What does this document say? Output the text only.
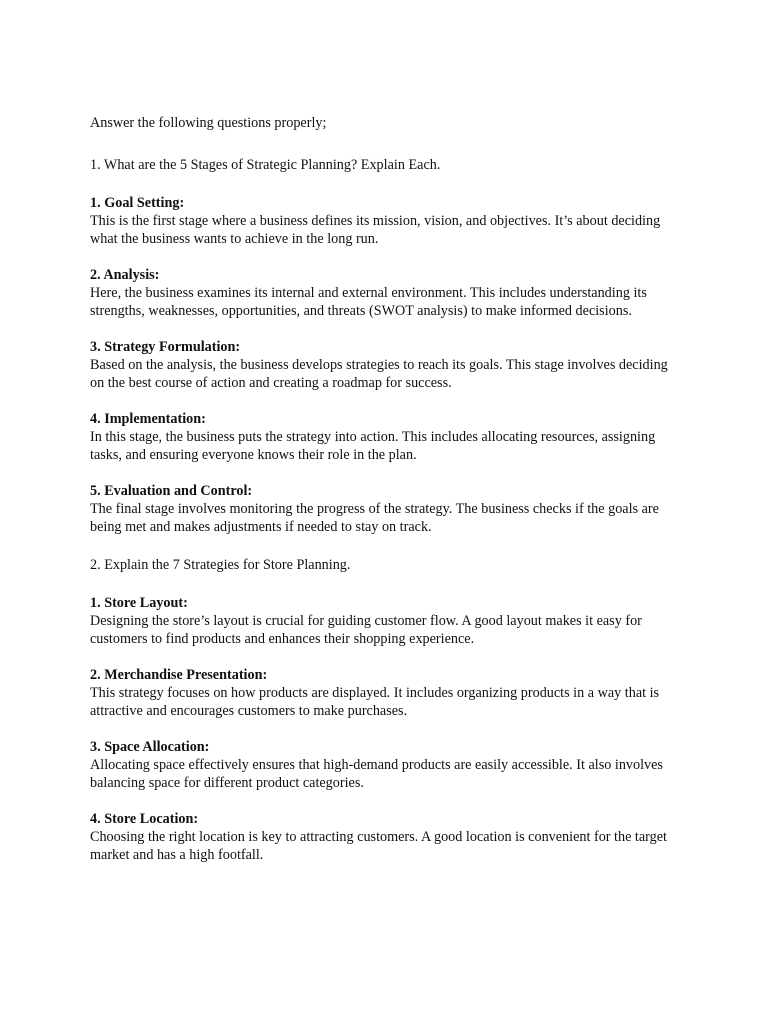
Answer the following questions properly;

1. What are the 5 Stages of Strategic Planning? Explain Each.

1. Goal Setting:
This is the first stage where a business defines its mission, vision, and objectives. It’s about deciding what the business wants to achieve in the long run.
2. Analysis:
Here, the business examines its internal and external environment. This includes understanding its strengths, weaknesses, opportunities, and threats (SWOT analysis) to make informed decisions.
3. Strategy Formulation:
Based on the analysis, the business develops strategies to reach its goals. This stage involves deciding on the best course of action and creating a roadmap for success.
4. Implementation:
In this stage, the business puts the strategy into action. This includes allocating resources, assigning tasks, and ensuring everyone knows their role in the plan.
5. Evaluation and Control:
The final stage involves monitoring the progress of the strategy. The business checks if the goals are being met and makes adjustments if needed to stay on track.

2. Explain the 7 Strategies for Store Planning.

1. Store Layout:
Designing the store’s layout is crucial for guiding customer flow. A good layout makes it easy for customers to find products and enhances their shopping experience.
2. Merchandise Presentation:
This strategy focuses on how products are displayed. It includes organizing products in a way that is attractive and encourages customers to make purchases.
3. Space Allocation:
Allocating space effectively ensures that high-demand products are easily accessible. It also involves balancing space for different product categories.
4. Store Location:
Choosing the right location is key to attracting customers. A good location is convenient for the target market and has a high footfall.
